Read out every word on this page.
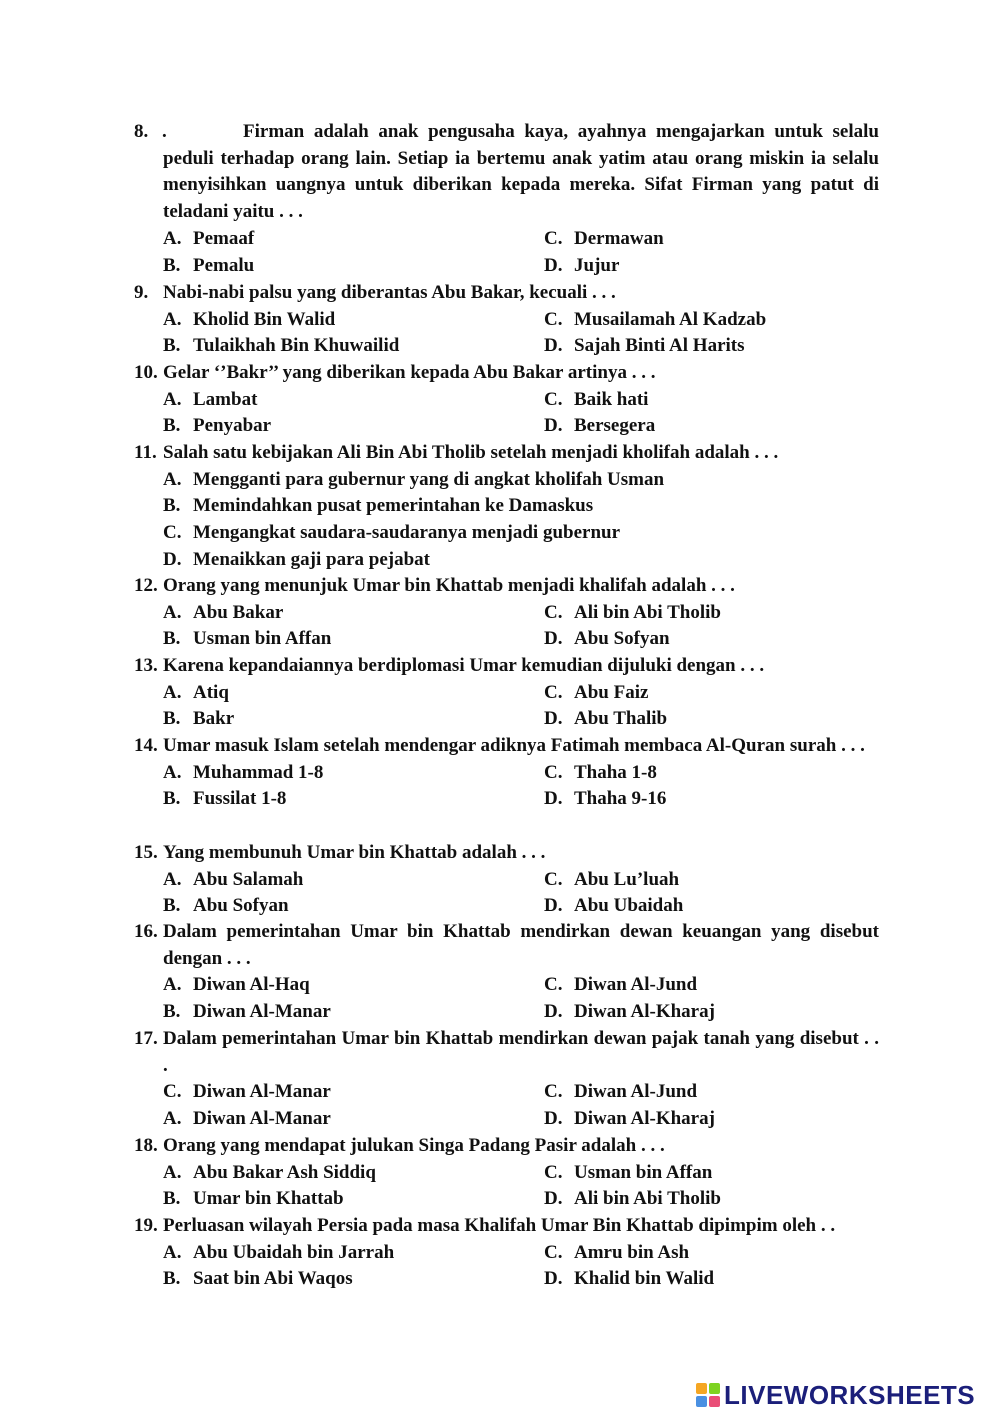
8. .	Firman adalah anak pengusaha kaya, ayahnya mengajarkan untuk selalu peduli terhadap orang lain. Setiap ia bertemu anak yatim atau orang miskin ia selalu menyisihkan uangnya untuk diberikan kepada mereka. Sifat Firman yang patut di teladani yaitu . . .
A. Pemaaf	C. Dermawan
B. Pemalu	D. Jujur
9. Nabi-nabi palsu yang diberantas Abu Bakar, kecuali . . .
A. Kholid Bin Walid	C. Musailamah Al Kadzab
B. Tulaikhah Bin Khuwailid	D. Sajah Binti Al Harits
10. Gelar ‘’Bakr’’ yang diberikan kepada Abu Bakar artinya . . .
A. Lambat	C. Baik hati
B. Penyabar	D. Bersegera
11. Salah satu kebijakan Ali Bin Abi Tholib setelah menjadi kholifah adalah . . .
A. Mengganti para gubernur yang di angkat kholifah Usman
B. Memindahkan pusat pemerintahan ke Damaskus
C. Mengangkat saudara-saudaranya menjadi gubernur
D. Menaikkan gaji para pejabat
12. Orang yang menunjuk Umar bin Khattab menjadi khalifah adalah . . .
A. Abu Bakar	C. Ali bin Abi Tholib
B. Usman bin Affan	D. Abu Sofyan
13. Karena kepandaiannya berdiplomasi Umar kemudian dijuluki dengan . . .
A. Atiq	C. Abu Faiz
B. Bakr	D. Abu Thalib
14. Umar masuk Islam setelah mendengar adiknya Fatimah membaca Al-Quran surah . . .
A. Muhammad 1-8	C. Thaha 1-8
B. Fussilat 1-8	D. Thaha 9-16
15. Yang membunuh Umar bin Khattab adalah . . .
A. Abu Salamah	C. Abu Lu’luah
B. Abu Sofyan	D. Abu Ubaidah
16. Dalam pemerintahan Umar bin Khattab mendirkan dewan keuangan yang disebut dengan . . .
A. Diwan Al-Haq	C. Diwan Al-Jund
B. Diwan Al-Manar	D. Diwan Al-Kharaj
17. Dalam pemerintahan Umar bin Khattab mendirkan dewan pajak tanah yang disebut . . .
C. Diwan Al-Manar	C. Diwan Al-Jund
A. Diwan Al-Manar	D. Diwan Al-Kharaj
18. Orang yang mendapat julukan Singa Padang Pasir adalah . . .
A. Abu Bakar Ash Siddiq	C. Usman bin Affan
B. Umar bin Khattab	D. Ali bin Abi Tholib
19. Perluasan wilayah Persia pada masa Khalifah Umar Bin Khattab dipimpim oleh . .
A. Abu Ubaidah bin Jarrah	C. Amru bin Ash
B. Saat bin Abi Waqos	D. Khalid bin Walid
LIVEWORKSHEETS
